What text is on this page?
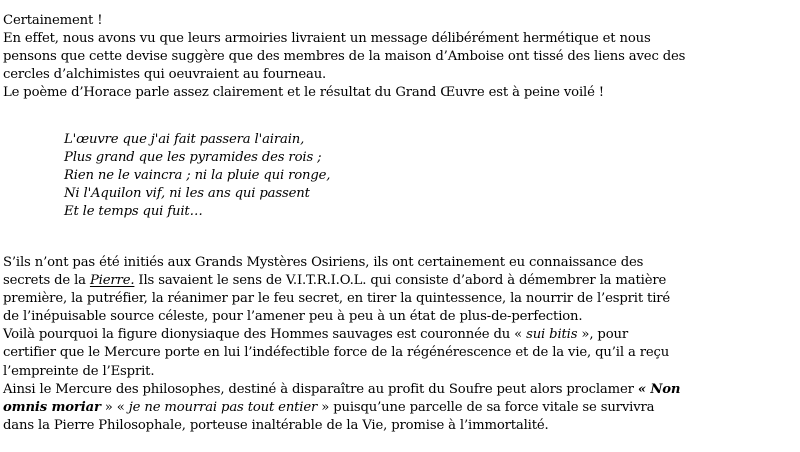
Certainement !
En effet, nous avons vu que leurs armoiries livraient un message délibérément hermétique et nous
pensons que cette devise suggère que des membres de la maison d’Amboise ont tissé des liens avec des
cercles d’alchimistes qui oeuvraient au fourneau.
Le poème d’Horace parle assez clairement et le résultat du Grand Œuvre est à peine voilé !
L'œuvre que j'ai fait passera l'airain,
Plus grand que les pyramides des rois ;
Rien ne le vaincra ; ni la pluie qui ronge,
Ni l'Aquilon vif, ni les ans qui passent
Et le temps qui fuit…
S’ils n’ont pas été initiés aux Grands Mystères Osiriens, ils ont certainement eu connaissance des
secrets de la Pierre. Ils savaient le sens de V.I.T.R.I.O.L. qui consiste d’abord à démembrer la matière
première, la putréfier, la réanimer par le feu secret, en tirer la quintessence, la nourrir de l’esprit tiré
de l’inépuisable source céleste, pour l’amener peu à peu à un état de plus-de-perfection.
Voilà pourquoi la figure dionysiaque des Hommes sauvages est couronnée du « sui bitis », pour
certifier que le Mercure porte en lui l’indéfectible force de la régénérescence et de la vie, qu’il a reçu
l’empreinte de l’Esprit.
Ainsi le Mercure des philosophes, destiné à disparaître au profit du Soufre peut alors proclamer « Non
omnis moriar » « je ne mourrai pas tout entier » puisqu’une parcelle de sa force vitale se survivra
dans la Pierre Philosophale, porteuse inaltérable de la Vie, promise à l’immortalité.
